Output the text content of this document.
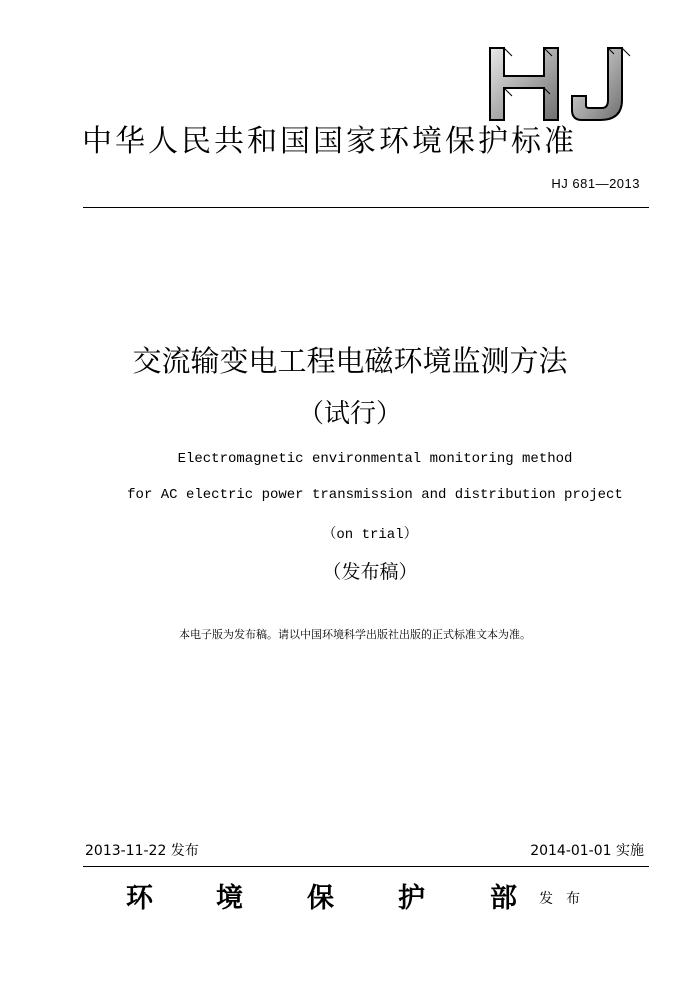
中华人民共和国国家环境保护标准
HJ 681—2013
交流输变电工程电磁环境监测方法
（试行）
Electromagnetic environmental monitoring method
for AC electric power transmission and distribution project
（on trial）
（发布稿）
本电子版为发布稿。请以中国环境科学出版社出版的正式标准文本为准。
2013-11-22 发布	2014-01-01 实施
环 境 保 护 部 发布
